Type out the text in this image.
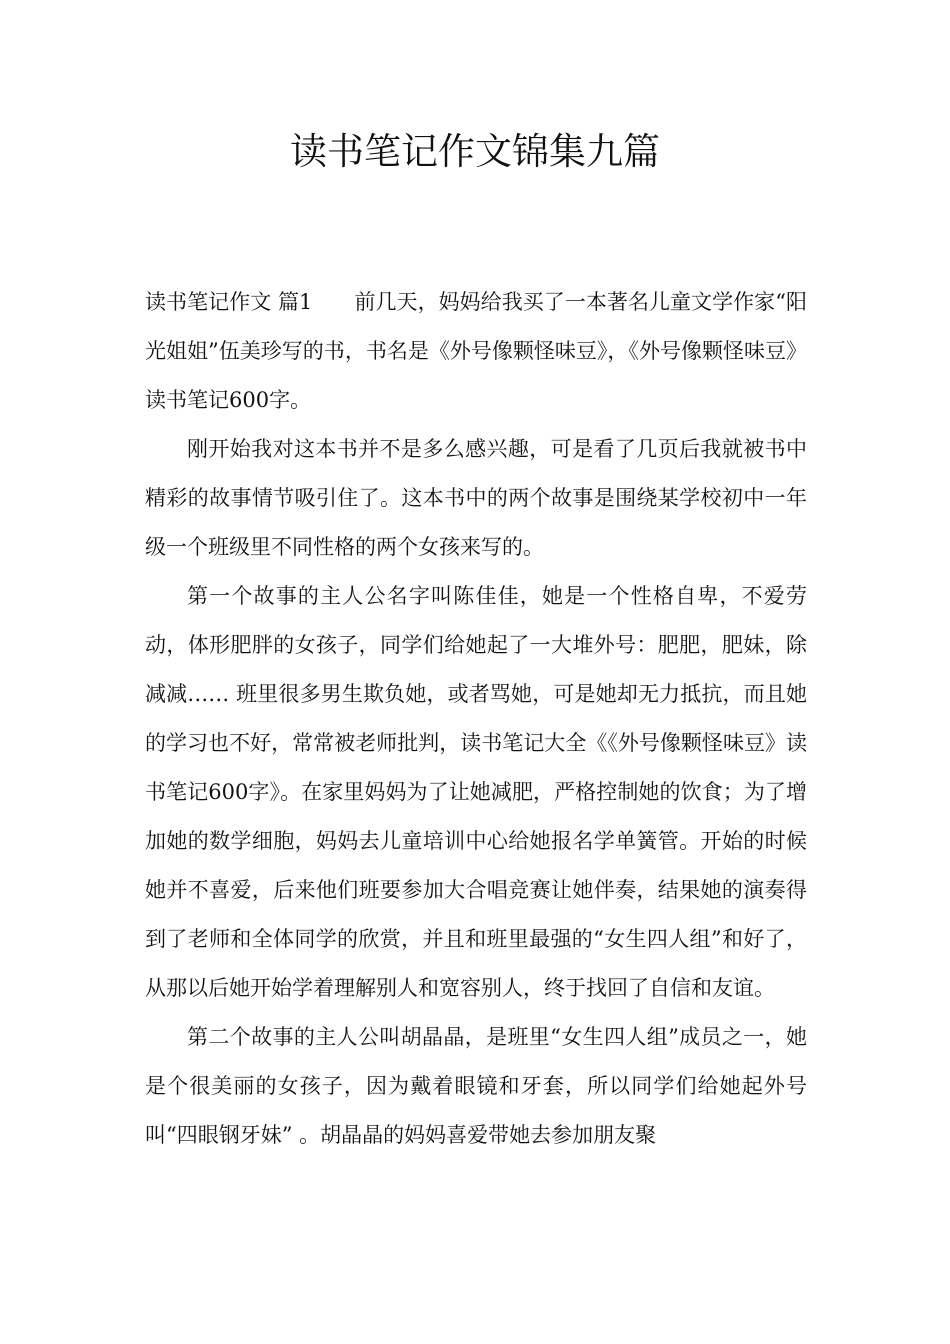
读书笔记作文锦集九篇

读书笔记作文 篇1　　前几天，妈妈给我买了一本著名儿童文学作家“阳光姐姐”伍美珍写的书，书名是《外号像颗怪味豆》，《外号像颗怪味豆》读书笔记600字。

刚开始我对这本书并不是多么感兴趣，可是看了几页后我就被书中精彩的故事情节吸引住了。这本书中的两个故事是围绕某学校初中一年级一个班级里不同性格的两个女孩来写的。

第一个故事的主人公名字叫陈佳佳，她是一个性格自卑，不爱劳动，体形肥胖的女孩子，同学们给她起了一大堆外号：肥肥，肥妹，除减减…… 班里很多男生欺负她，或者骂她，可是她却无力抵抗，而且她的学习也不好，常常被老师批判，读书笔记大全《《外号像颗怪味豆》读书笔记600字》。在家里妈妈为了让她减肥，严格控制她的饮食；为了增加她的数学细胞，妈妈去儿童培训中心给她报名学单簧管。开始的时候她并不喜爱，后来他们班要参加大合唱竞赛让她伴奏，结果她的演奏得到了老师和全体同学的欣赏，并且和班里最强的“女生四人组”和好了，从那以后她开始学着理解别人和宽容别人，终于找回了自信和友谊。

第二个故事的主人公叫胡晶晶，是班里“女生四人组”成员之一，她是个很美丽的女孩子，因为戴着眼镜和牙套，所以同学们给她起外号叫“四眼钢牙妹” 。胡晶晶的妈妈喜爱带她去参加朋友聚
